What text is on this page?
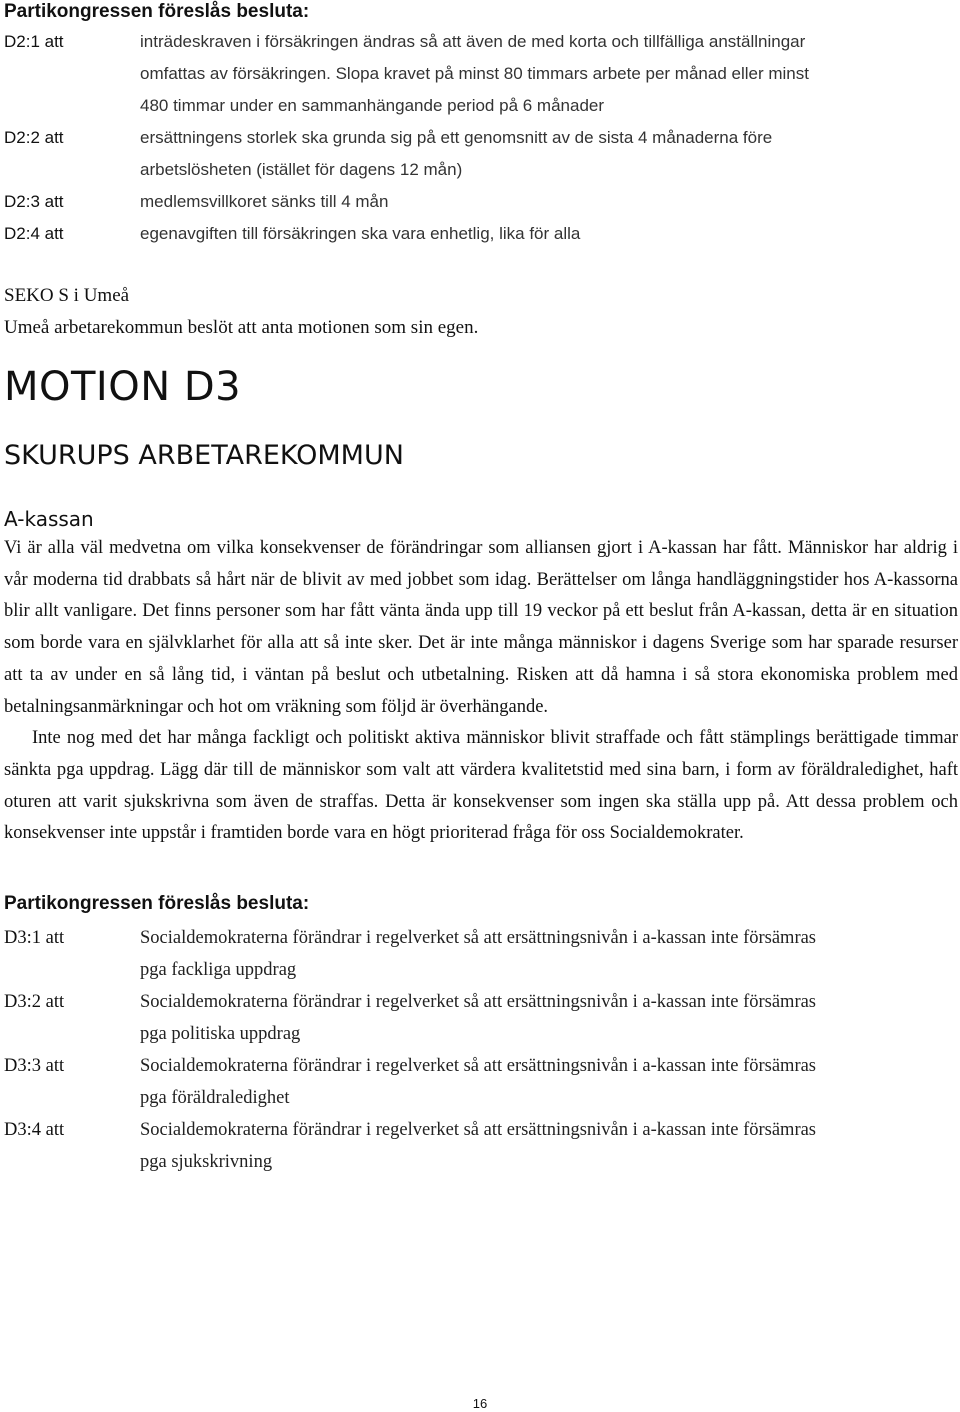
Partikongressen föreslås besluta:
D2:1 att	inträdeskraven i försäkringen ändras så att även de med korta och tillfälliga anställningar
omfattas av försäkringen. Slopa kravet på minst 80 timmars arbete per månad eller minst
480 timmar under en sammanhängande period på 6 månader
D2:2 att	ersättningens storlek ska grunda sig på ett genomsnitt av de sista 4 månaderna före
arbetslösheten (istället för dagens 12 mån)
D2:3 att	medlemsvillkoret sänks till 4 mån
D2:4 att	egenavgiften till försäkringen ska vara enhetlig, lika för alla
SEKO S i Umeå
Umeå arbetarekommun beslöt att anta motionen som sin egen.
MOTION D3
SKURUPS ARBETAREKOMMUN
A-kassan

Vi är alla väl medvetna om vilka konsekvenser de förändringar som alliansen gjort i A-kassan har fått. Människor har aldrig i vår moderna tid drabbats så hårt när de blivit av med jobbet som idag. Berättelser om långa handläggningstider hos A-kassorna blir allt vanligare. Det finns personer som har fått vänta ända upp till 19 veckor på ett beslut från A-kassan, detta är en situation som borde vara en självklarhet för alla att så inte sker. Det är inte många människor i dagens Sverige som har sparade resurser att ta av under en så lång tid, i väntan på beslut och utbetalning. Risken att då hamna i så stora ekonomiska problem med betalningsanmärkningar och hot om vräkning som följd är överhängande.

Inte nog med det har många fackligt och politiskt aktiva människor blivit straffade och fått stämplings berättigade timmar sänkta pga uppdrag. Lägg där till de människor som valt att värdera kvalitetstid med sina barn, i form av föräldraledighet, haft oturen att varit sjukskrivna som även de straffas. Detta är konsekvenser som ingen ska ställa upp på. Att dessa problem och konsekvenser inte uppstår i framtiden borde vara en högt prioriterad fråga för oss Socialdemokrater.

Partikongressen föreslås besluta:
D3:1 att	Socialdemokraterna förändrar i regelverket så att ersättningsnivån i a-kassan inte försämras
pga fackliga uppdrag
D3:2 att	Socialdemokraterna förändrar i regelverket så att ersättningsnivån i a-kassan inte försämras
pga politiska uppdrag
D3:3 att	Socialdemokraterna förändrar i regelverket så att ersättningsnivån i a-kassan inte försämras
pga föräldraledighet
D3:4 att	Socialdemokraterna förändrar i regelverket så att ersättningsnivån i a-kassan inte försämras
pga sjukskrivning
16
